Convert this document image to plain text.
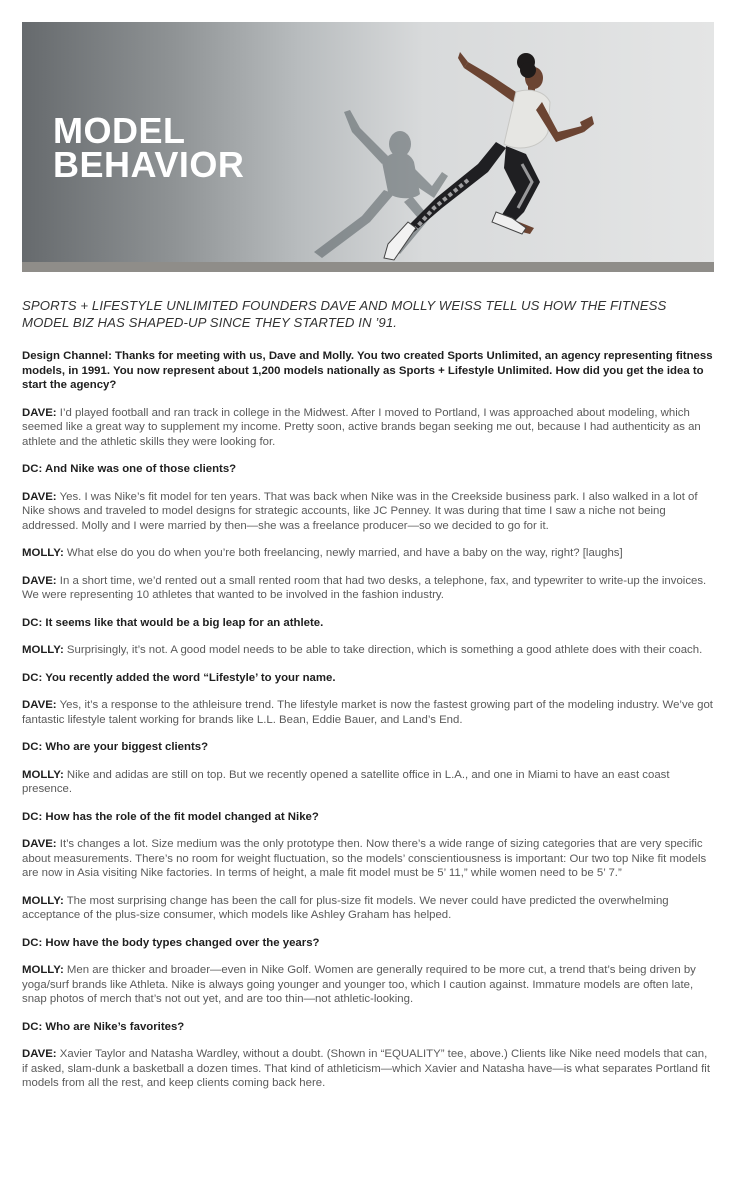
MODEL
BEHAVIOR
SPORTS + LIFESTYLE UNLIMITED FOUNDERS DAVE AND MOLLY WEISS TELL US HOW THE FITNESS MODEL BIZ HAS SHAPED-UP SINCE THEY STARTED IN ’91.

Design Channel: Thanks for meeting with us, Dave and Molly. You two created Sports Unlimited, an agency representing fitness models, in 1991. You now represent about 1,200 models nationally as Sports + Lifestyle Unlimited. How did you get the idea to start the agency?

DAVE: I’d played football and ran track in college in the Midwest. After I moved to Portland, I was approached about modeling, which seemed like a great way to supplement my income. Pretty soon, active brands began seeking me out, because I had authenticity as an athlete and the athletic skills they were looking for.

DC: And Nike was one of those clients?

DAVE: Yes. I was Nike’s fit model for ten years. That was back when Nike was in the Creekside business park. I also walked in a lot of Nike shows and traveled to model designs for strategic accounts, like JC Penney. It was during that time I saw a niche not being addressed. Molly and I were married by then—she was a freelance producer—so we decided to go for it.

MOLLY: What else do you do when you’re both freelancing, newly married, and have a baby on the way, right? [laughs]

DAVE: In a short time, we’d rented out a small rented room that had two desks, a telephone, fax, and typewriter to write-up the invoices. We were representing 10 athletes that wanted to be involved in the fashion industry.

DC: It seems like that would be a big leap for an athlete.

MOLLY: Surprisingly, it’s not. A good model needs to be able to take direction, which is something a good athlete does with their coach.

DC: You recently added the word “Lifestyle’ to your name.

DAVE: Yes, it’s a response to the athleisure trend. The lifestyle market is now the fastest growing part of the modeling industry. We’ve got fantastic lifestyle talent working for brands like L.L. Bean, Eddie Bauer, and Land’s End.

DC: Who are your biggest clients?

MOLLY: Nike and adidas are still on top. But we recently opened a satellite office in L.A., and one in Miami to have an east coast presence.

DC: How has the role of the fit model changed at Nike?

DAVE: It’s changes a lot. Size medium was the only prototype then. Now there’s a wide range of sizing categories that are very specific about measurements. There’s no room for weight fluctuation, so the models’ conscientiousness is important: Our two top Nike fit models are now in Asia visiting Nike factories. In terms of height, a male fit model must be 5’ 11,” while women need to be 5’ 7.”

MOLLY: The most surprising change has been the call for plus-size fit models. We never could have predicted the overwhelming acceptance of the plus-size consumer, which models like Ashley Graham has helped.

DC: How have the body types changed over the years?

MOLLY: Men are thicker and broader—even in Nike Golf. Women are generally required to be more cut, a trend that’s being driven by yoga/surf brands like Athleta. Nike is always going younger and younger too, which I caution against. Immature models are often late, snap photos of merch that’s not out yet, and are too thin—not athletic-looking.

DC: Who are Nike’s favorites?

DAVE: Xavier Taylor and Natasha Wardley, without a doubt. (Shown in “EQUALITY” tee, above.) Clients like Nike need models that can, if asked, slam-dunk a basketball a dozen times. That kind of athleticism—which Xavier and Natasha have—is what separates Portland fit models from all the rest, and keep clients coming back here.
